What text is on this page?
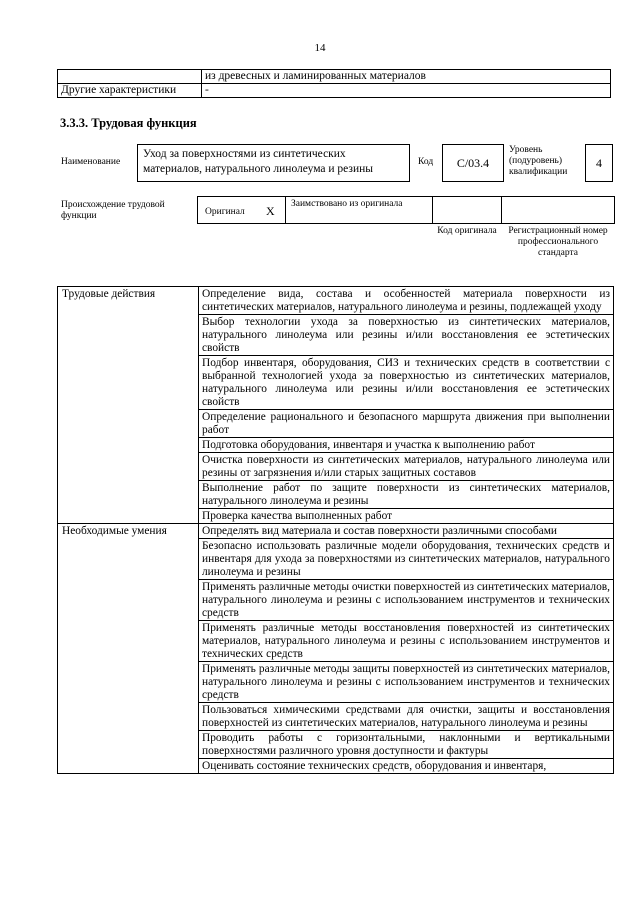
14
	из древесных и ламинированных материалов
Другие характеристики	-
3.3.3. Трудовая функция
Наименование
Уход за поверхностями из синтетических материалов, натурального линолеума и резины
Код С/03.4
Уровень (подуровень) квалификации
4
Происхождение трудовой функции	Оригинал X Заимствовано из оригинала
Код оригинала	Регистрационный номер профессионального стандарта
Трудовые действия	Определение вида, состава и особенностей материала поверхности из синтетических материалов, натурального линолеума и резины, подлежащей уходу
	Выбор технологии ухода за поверхностью из синтетических материалов, натурального линолеума или резины и/или восстановления ее эстетических свойств
	Подбор инвентаря, оборудования, СИЗ и технических средств в соответствии с выбранной технологией ухода за поверхностью из синтетических материалов, натурального линолеума или резины и/или восстановления ее эстетических свойств
	Определение рационального и безопасного маршрута движения при выполнении работ
	Подготовка оборудования, инвентаря и участка к выполнению работ
	Очистка поверхности из синтетических материалов, натурального линолеума или резины от загрязнения и/или старых защитных составов
	Выполнение работ по защите поверхности из синтетических материалов, натурального линолеума и резины
	Проверка качества выполненных работ
Необходимые умения	Определять вид материала и состав поверхности различными способами
	Безопасно использовать различные модели оборудования, технических средств и инвентаря для ухода за поверхностями из синтетических материалов, натурального линолеума и резины
	Применять различные методы очистки поверхностей из синтетических материалов, натурального линолеума и резины с использованием инструментов и технических средств
	Применять различные методы восстановления поверхностей из синтетических материалов, натурального линолеума и резины с использованием инструментов и технических средств
	Применять различные методы защиты поверхностей из синтетических материалов, натурального линолеума и резины с использованием инструментов и технических средств
	Пользоваться химическими средствами для очистки, защиты и восстановления поверхностей из синтетических материалов, натурального линолеума и резины
	Проводить работы с горизонтальными, наклонными и вертикальными поверхностями различного уровня доступности и фактуры
	Оценивать состояние технических средств, оборудования и инвентаря,
